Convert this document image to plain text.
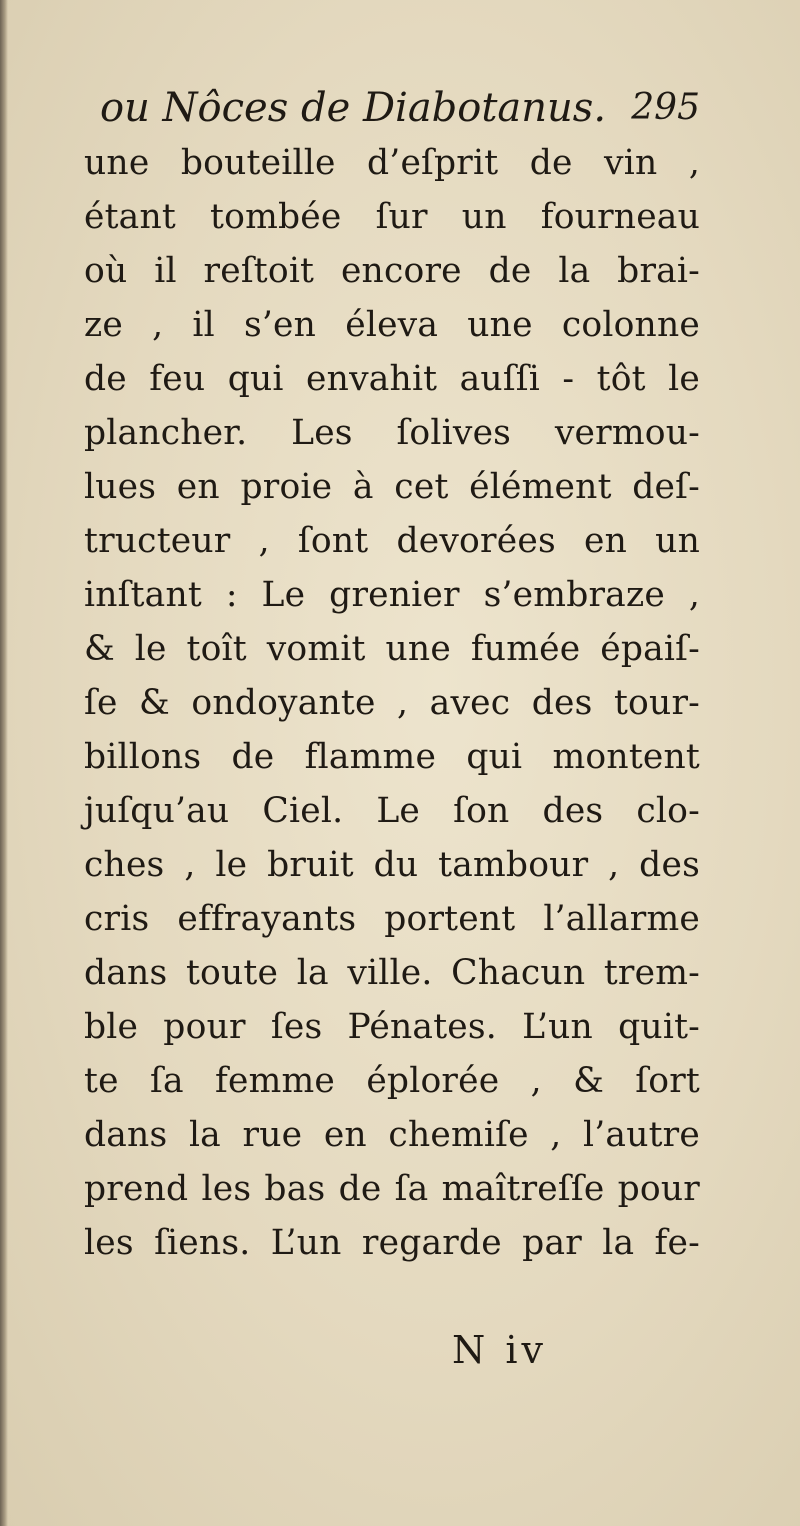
ou Nôces de Diabotanus. 295
une bouteille d’eſprit de vin ,
étant tombée ſur un fourneau
où il reſtoit encore de la brai-
ze , il s’en éleva une colonne
de feu qui envahit auſſi - tôt le
plancher. Les ſolives vermou-
lues en proie à cet élément deſ-
tructeur , ſont devorées en un
inſtant : Le grenier s’embraze ,
& le toît vomit une fumée épaiſ-
ſe & ondoyante , avec des tour-
billons de flamme qui montent
juſqu’au Ciel. Le ſon des clo-
ches , le bruit du tambour , des
cris effrayants portent l’allarme
dans toute la ville. Chacun trem-
ble pour ſes Pénates. L’un quit-
te ſa femme éplorée , & ſort
dans la rue en chemiſe , l’autre
prend les bas de ſa maîtreſſe pour
les ſiens. L’un regarde par la fe-
N iv
